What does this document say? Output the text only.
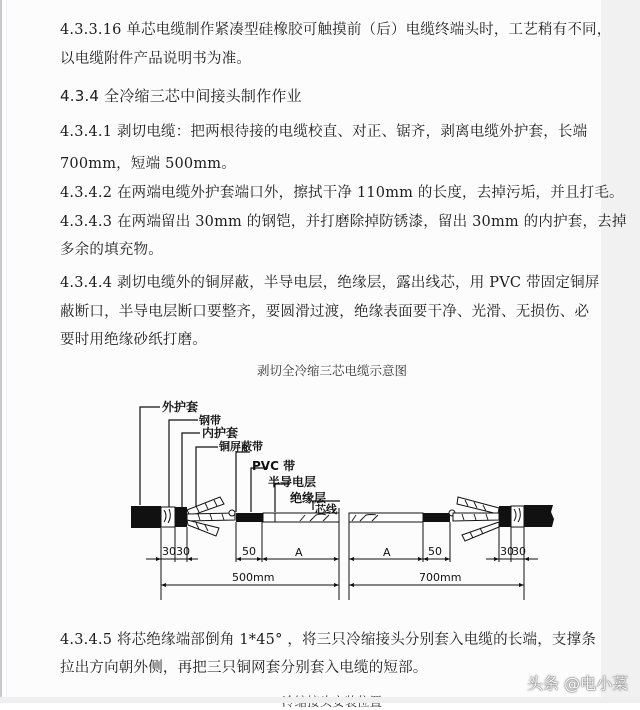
4.3.3.16 单芯电缆制作紧凑型硅橡胶可触摸前（后）电缆终端头时，工艺稍有不同，
以电缆附件产品说明书为准。
4.3.4 全冷缩三芯中间接头制作作业
4.3.4.1 剥切电缆：把两根待接的电缆校直、对正、锯齐，剥离电缆外护套，长端
700mm，短端 500mm。
4.3.4.2 在两端电缆外护套端口外，擦拭干净 110mm 的长度，去掉污垢，并且打毛。
4.3.4.3 在两端留出 30mm 的钢铠，并打磨除掉防锈漆，留出 30mm 的内护套，去掉
多余的填充物。
4.3.4.4 剥切电缆外的铜屏蔽，半导电层，绝缘层，露出线芯，用 PVC 带固定铜屏
蔽断口，半导电层断口要整齐，要圆滑过渡，绝缘表面要干净、光滑、无损伤、必
要时用绝缘砂纸打磨。
剥切全冷缩三芯电缆示意图
外护套
钢带
内护套
铜屏蔽带
PVC 带
半导电层
绝缘层
芯线
30 30	50	A
500mm
A	50	30
30
700mm
4.3.4.5 将芯绝缘端部倒角 1*45° ，将三只冷缩接头分别套入电缆的长端，支撑条
拉出方向朝外侧，再把三只铜网套分别套入电缆的短部。
头条 @电小菜
